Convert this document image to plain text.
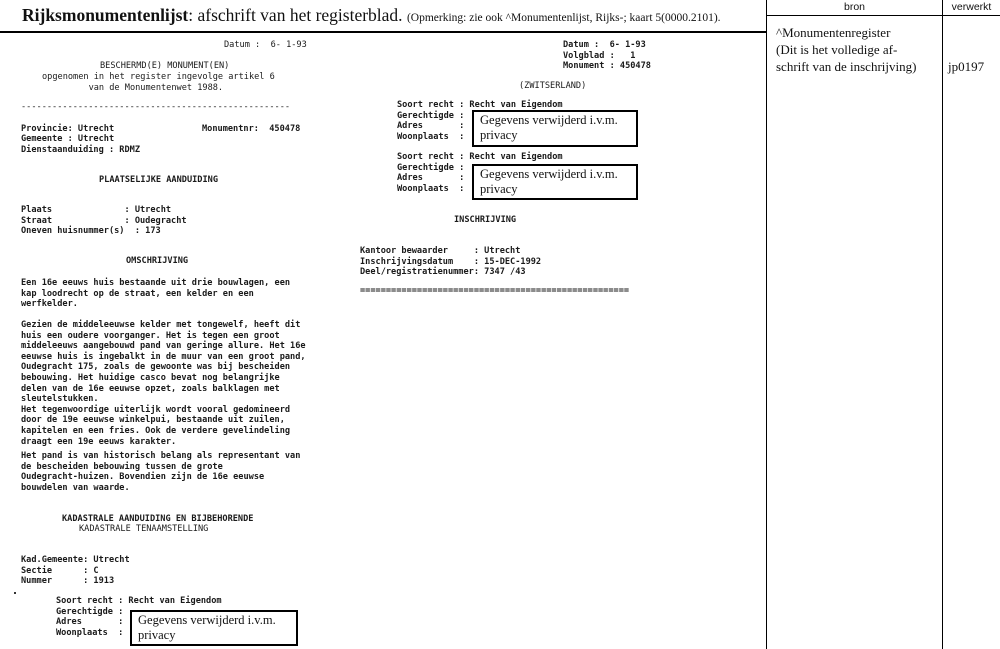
Rijksmonumentenlijst: afschrift van het registerblad. (Opmerking: zie ook ^Monumentenlijst, Rijks-; kaart 5(0000.2101).
bron	verwerkt
^Monumentenregister
(Dit is het volledige af-
schrift van de inschrijving) jp0197
Datum :  6- 1-93
BESCHERMD(E) MONUMENT(EN)
opgenomen in het register ingevolge artikel 6
van de Monumentenwet 1988.
----------------------------------------------------
Provincie: Utrecht	Monumentnr:  450478
Gemeente : Utrecht
Dienstaanduiding : RDMZ
PLAATSELIJKE AANDUIDING
Plaats              : Utrecht
Straat              : Oudegracht
Oneven huisnummer(s)  : 173
OMSCHRIJVING
Een 16e eeuws huis bestaande uit drie bouwlagen, een
kap loodrecht op de straat, een kelder en een
werfkelder.
Gezien de middeleeuwse kelder met tongewelf, heeft dit
huis een oudere voorganger. Het is tegen een groot
middeleeuws aangebouwd pand van geringe allure. Het 16e
eeuwse huis is ingebalkt in de muur van een groot pand,
Oudegracht 175, zoals de gewoonte was bij bescheiden
bebouwing. Het huidige casco bevat nog belangrijke
delen van de 16e eeuwse opzet, zoals balklagen met
sleutelstukken.
Het tegenwoordige uiterlijk wordt vooral gedomineerd
door de 19e eeuwse winkelpui, bestaande uit zuilen,
kapitelen en een fries. Ook de verdere gevelindeling
draagt een 19e eeuws karakter.
Het pand is van historisch belang als representant van
de bescheiden bebouwing tussen de grote
Oudegracht-huizen. Bovendien zijn de 16e eeuwse
bouwdelen van waarde.
KADASTRALE AANDUIDING EN BIJBEHORENDE
KADASTRALE TENAAMSTELLING
Kad.Gemeente: Utrecht
Sectie      : C
Nummer      : 1913
Soort recht : Recht van Eigendom
Gerechtigde :
Adres       :
Woonplaats  :
Gegevens verwijderd i.v.m.
privacy
Datum :  6- 1-93
Volgblad :   1
Monument : 450478
(ZWITSERLAND)
Soort recht : Recht van Eigendom
Gerechtigde :
Adres       :
Woonplaats  :
Gegevens verwijderd i.v.m.
privacy
Soort recht : Recht van Eigendom
Gerechtigde :
Adres       :
Woonplaats  :
Gegevens verwijderd i.v.m.
privacy
INSCHRIJVING
Kantoor bewaarder     : Utrecht
Inschrijvingsdatum    : 15-DEC-1992
Deel/registratienummer: 7347 /43
====================================================
